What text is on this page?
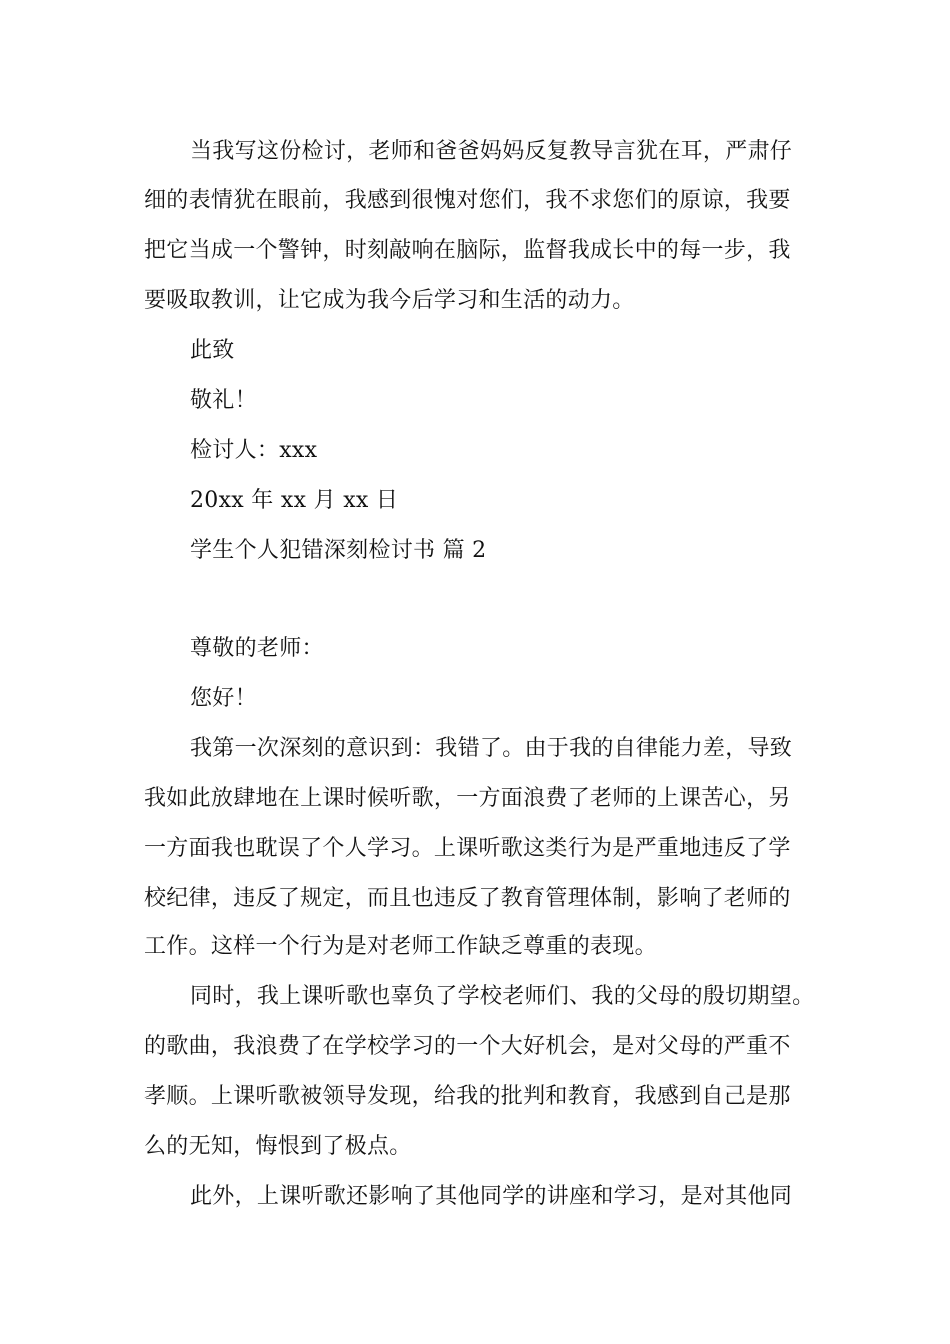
当我写这份检讨，老师和爸爸妈妈反复教导言犹在耳，严肃仔
细的表情犹在眼前，我感到很愧对您们，我不求您们的原谅，我要
把它当成一个警钟，时刻敲响在脑际，监督我成长中的每一步，我
要吸取教训，让它成为我今后学习和生活的动力。
此致
敬礼！
检讨人：xxx
20xx 年 xx 月 xx 日
学生个人犯错深刻检讨书 篇 2
尊敬的老师：
您好！
我第一次深刻的意识到：我错了。由于我的自律能力差，导致
我如此放肆地在上课时候听歌，一方面浪费了老师的上课苦心，另
一方面我也耽误了个人学习。上课听歌这类行为是严重地违反了学
校纪律，违反了规定，而且也违反了教育管理体制，影响了老师的
工作。这样一个行为是对老师工作缺乏尊重的表现。
同时，我上课听歌也辜负了学校老师们、我的父母的殷切期望。
的歌曲，我浪费了在学校学习的一个大好机会，是对父母的严重不
孝顺。上课听歌被领导发现，给我的批判和教育，我感到自己是那
么的无知，悔恨到了极点。
此外，上课听歌还影响了其他同学的讲座和学习，是对其他同
